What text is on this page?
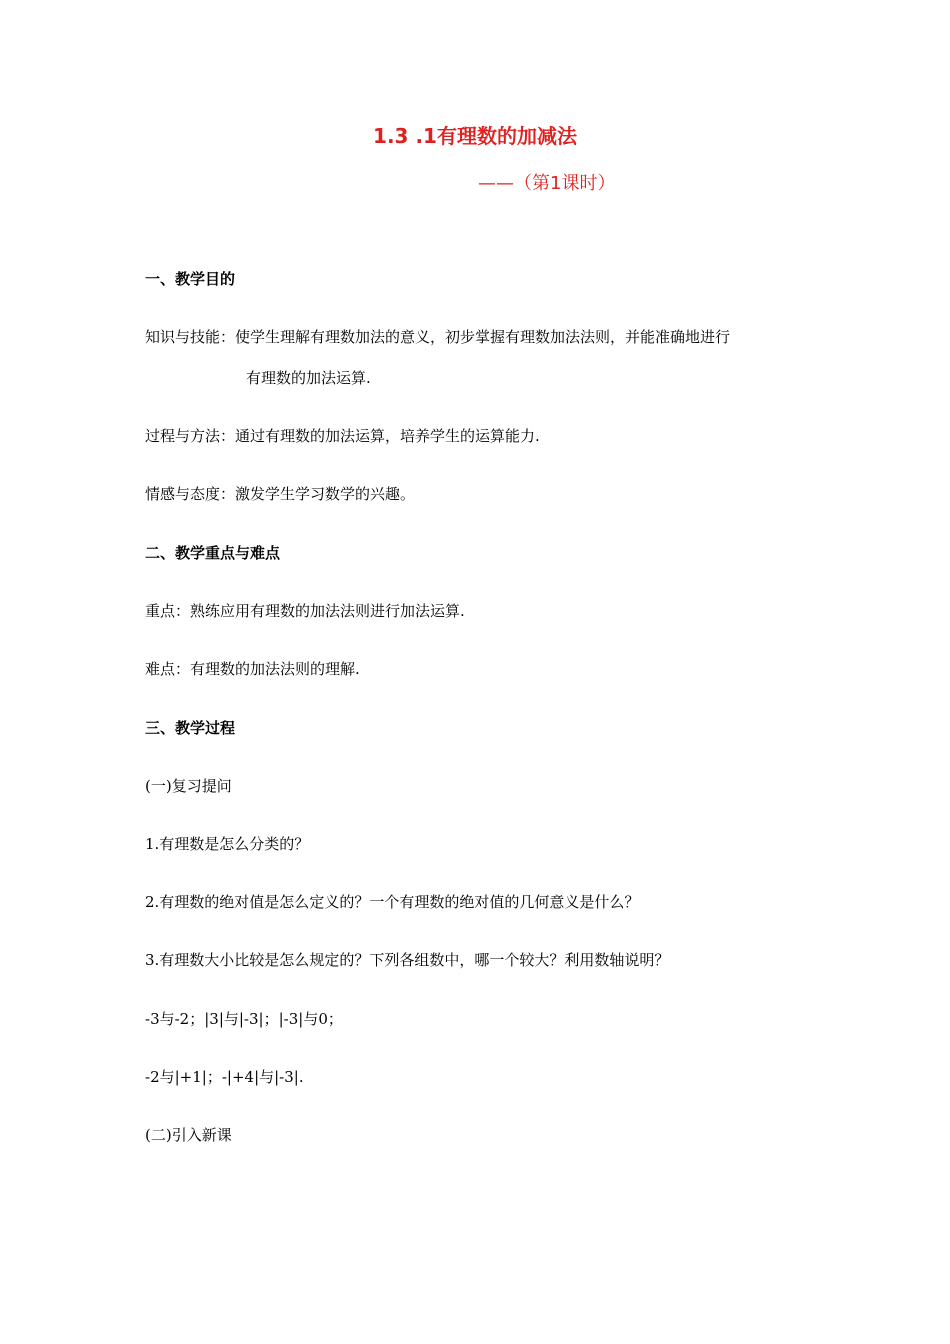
1.3 .1有理数的加减法
——（第1课时）
一、教学目的
知识与技能：使学生理解有理数加法的意义，初步掌握有理数加法法则，并能准确地进行
有理数的加法运算.
过程与方法：通过有理数的加法运算，培养学生的运算能力.
情感与态度：激发学生学习数学的兴趣。
二、教学重点与难点
重点：熟练应用有理数的加法法则进行加法运算.
难点：有理数的加法法则的理解.
三、教学过程
(一)复习提问
1.有理数是怎么分类的？
2.有理数的绝对值是怎么定义的？一个有理数的绝对值的几何意义是什么？
3.有理数大小比较是怎么规定的？下列各组数中，哪一个较大？利用数轴说明？
-3与-2；|3|与|-3|；|-3|与0；
-2与|+1|；-|+4|与|-3|.
(二)引入新课
